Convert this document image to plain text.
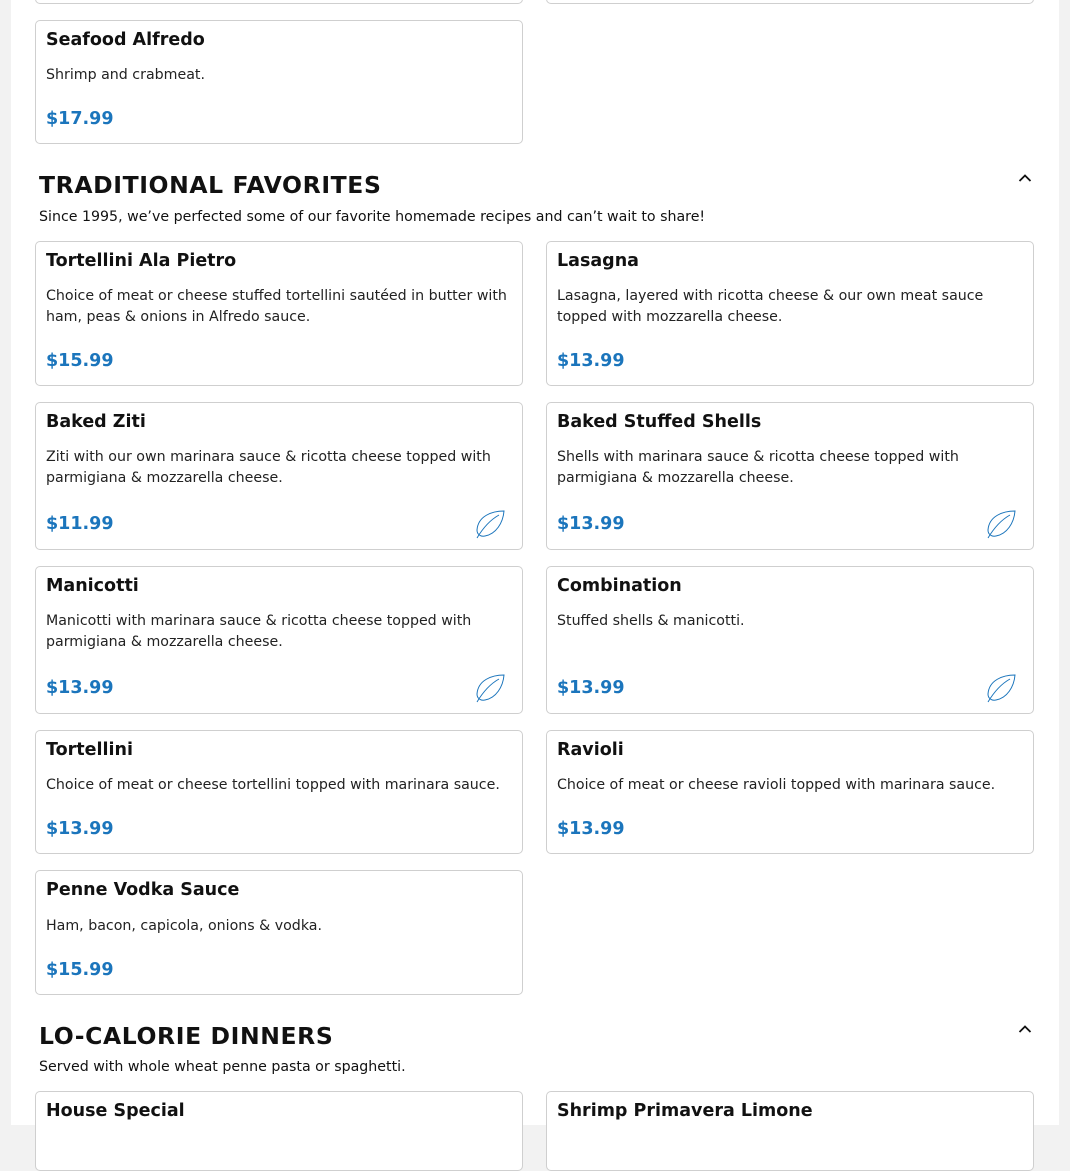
Seafood Alfredo
Shrimp and crabmeat.
$17.99
TRADITIONAL FAVORITES
Since 1995, we’ve perfected some of our favorite homemade recipes and can’t wait to share!
Tortellini Ala Pietro
Choice of meat or cheese stuffed tortellini sautéed in butter with ham, peas & onions in Alfredo sauce.
$15.99
Lasagna
Lasagna, layered with ricotta cheese & our own meat sauce topped with mozzarella cheese.
$13.99
Baked Ziti
Ziti with our own marinara sauce & ricotta cheese topped with parmigiana & mozzarella cheese.
$11.99
Baked Stuffed Shells
Shells with marinara sauce & ricotta cheese topped with parmigiana & mozzarella cheese.
$13.99
Manicotti
Manicotti with marinara sauce & ricotta cheese topped with parmigiana & mozzarella cheese.
$13.99
Combination
Stuffed shells & manicotti.
$13.99
Tortellini
Choice of meat or cheese tortellini topped with marinara sauce.
$13.99
Ravioli
Choice of meat or cheese ravioli topped with marinara sauce.
$13.99
Penne Vodka Sauce
Ham, bacon, capicola, onions & vodka.
$15.99
LO-CALORIE DINNERS
Served with whole wheat penne pasta or spaghetti.
House Special	Shrimp Primavera Limone
